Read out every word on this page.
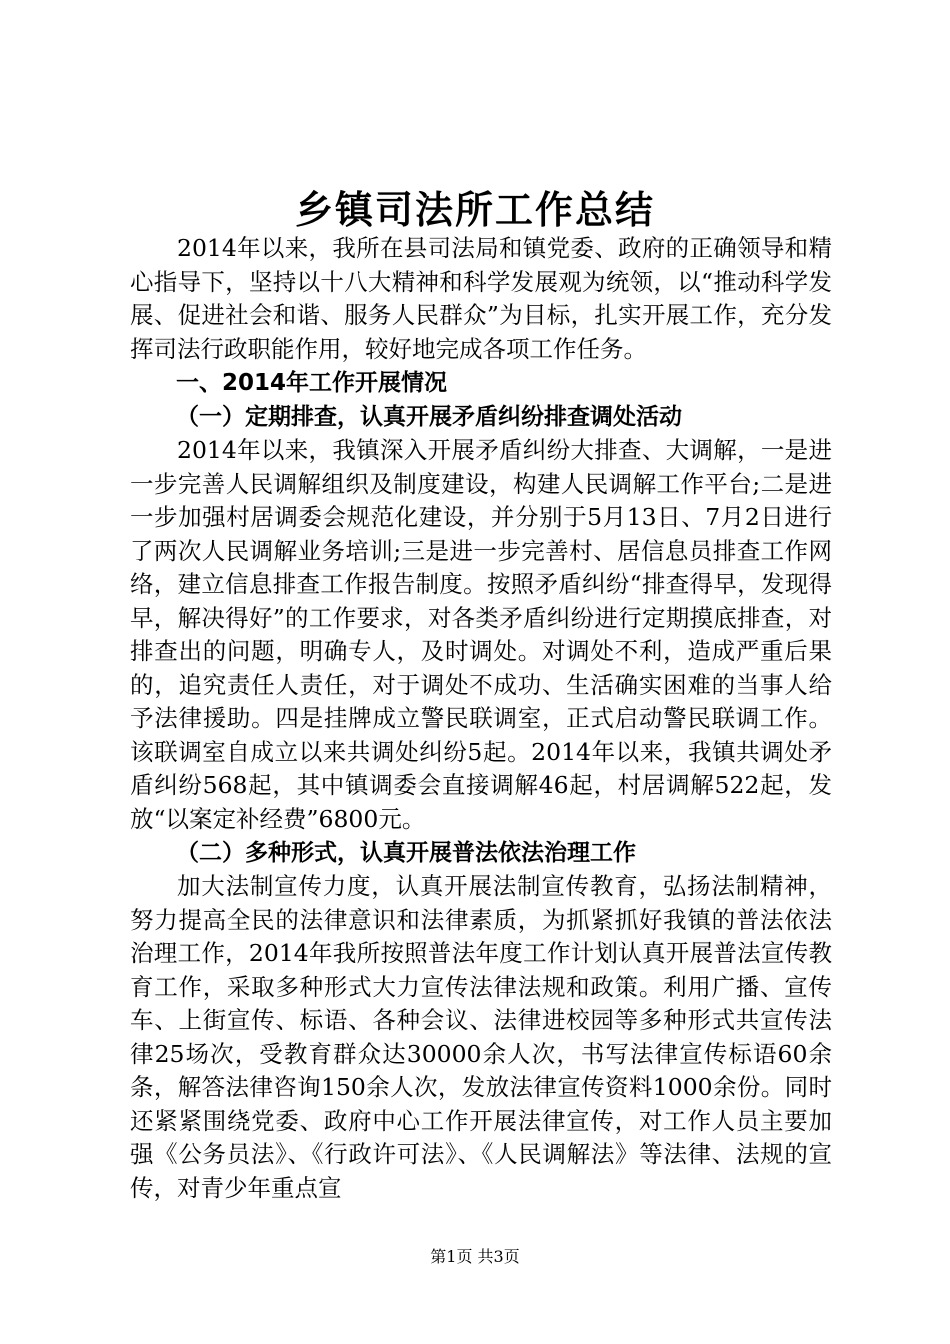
乡镇司法所工作总结

2014年以来，我所在县司法局和镇党委、政府的正确领导和精心指导下，坚持以十八大精神和科学发展观为统领，以“推动科学发展、促进社会和谐、服务人民群众”为目标，扎实开展工作，充分发挥司法行政职能作用，较好地完成各项工作任务。

一、2014年工作开展情况
（一）定期排查，认真开展矛盾纠纷排查调处活动

2014年以来，我镇深入开展矛盾纠纷大排查、大调解，一是进一步完善人民调解组织及制度建设，构建人民调解工作平台;二是进一步加强村居调委会规范化建设，并分别于5月13日、7月2日进行了两次人民调解业务培训;三是进一步完善村、居信息员排查工作网络，建立信息排查工作报告制度。按照矛盾纠纷“排查得早，发现得早，解决得好”的工作要求，对各类矛盾纠纷进行定期摸底排查，对排查出的问题，明确专人，及时调处。对调处不利，造成严重后果的，追究责任人责任，对于调处不成功、生活确实困难的当事人给予法律援助。四是挂牌成立警民联调室，正式启动警民联调工作。该联调室自成立以来共调处纠纷5起。2014年以来，我镇共调处矛盾纠纷568起，其中镇调委会直接调解46起，村居调解522起，发放“以案定补经费”6800元。

（二）多种形式，认真开展普法依法治理工作

加大法制宣传力度，认真开展法制宣传教育，弘扬法制精神，努力提高全民的法律意识和法律素质，为抓紧抓好我镇的普法依法治理工作，2014年我所按照普法年度工作计划认真开展普法宣传教育工作，采取多种形式大力宣传法律法规和政策。利用广播、宣传车、上街宣传、标语、各种会议、法律进校园等多种形式共宣传法律25场次，受教育群众达30000余人次，书写法律宣传标语60余条，解答法律咨询150余人次，发放法律宣传资料1000余份。同时还紧紧围绕党委、政府中心工作开展法律宣传，对工作人员主要加强《公务员法》、《行政许可法》、《人民调解法》等法律、法规的宣传，对青少年重点宣

第1页 共3页
